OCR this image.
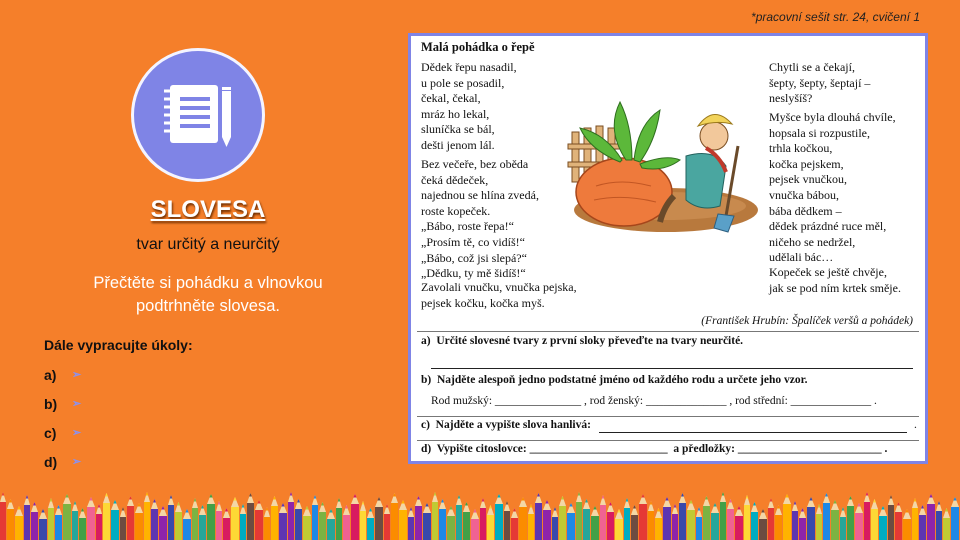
*pracovní sešit str. 24, cvičení 1
SLOVESA
tvar určitý a neurčitý
Přečtěte si pohádku a vlnovkou podtrhněte slovesa.
Dále vypracujte úkoly:
a) ➢
b) ➢
c) ➢
d) ➢
Malá pohádka o řepě
Dědek řepu nasadil,
u pole se posadil,
čekal, čekal,
mráz ho lekal,
sluníčka se bál,
dešti jenom lál.
Bez večeře, bez oběda
čeká dědeček,
najednou se hlína zvedá,
roste kopeček.
„Bábo, roste řepa!“
„Prosím tě, co vidíš!“
„Bábo, což jsi slepá?“
„Dědku, ty mě šidíš!“
Zavolali vnučku, vnučka pejska,
pejsek kočku, kočka myš.
Chytli se a čekají,
šepty, šepty, šeptají –
neslyšíš?
Myšce byla dlouhá chvíle,
hopsala si rozpustile,
trhla kočkou,
kočka pejskem,
pejsek vnučkou,
vnučka bábou,
bába dědkem –
dědek prázdné ruce měl,
ničeho se nedržel,
udělali bác…
Kopeček se ještě chvěje,
jak se pod ním krtek směje.
(František Hrubín: Špalíček veršů a pohádek)
a)  Určité slovesné tvary z první sloky převeďte na tvary neurčité.
b)  Najděte alespoň jedno podstatné jméno od každého rodu a určete jeho vzor.
Rod mužský: _______________ , rod ženský: ______________ , rod střední: ______________ .
c)  Najděte a vypište slova hanlivá:	.
d)  Vypište citoslovce: ________________________  a předložky: _________________________ .
